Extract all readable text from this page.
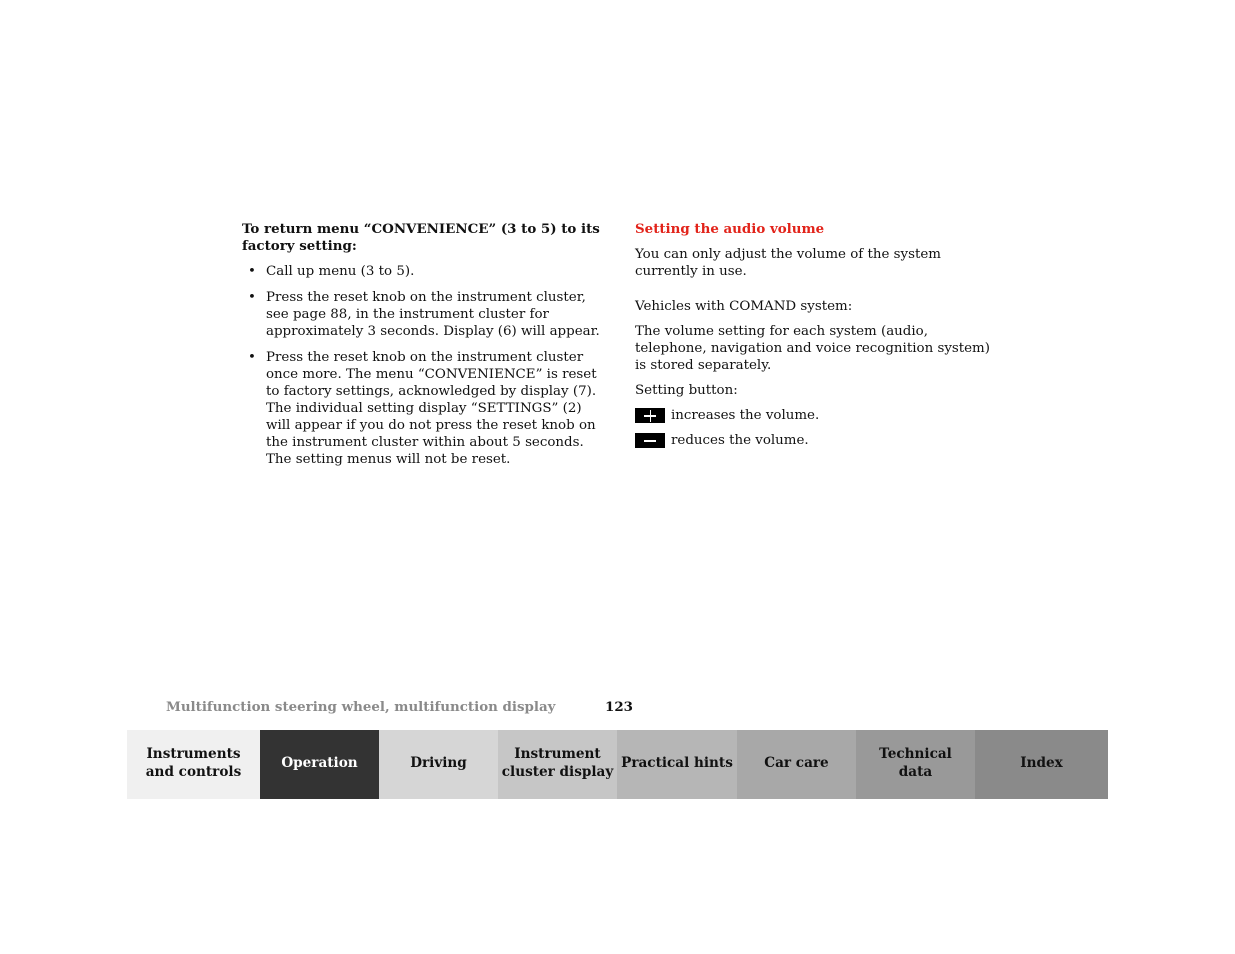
To return menu “CONVENIENCE” (3 to 5) to its factory setting:

• Call up menu (3 to 5).
• Press the reset knob on the instrument cluster, see page 88, in the instrument cluster for approximately 3 seconds. Display (6) will appear.
• Press the reset knob on the instrument cluster once more. The menu “CONVENIENCE” is reset to factory settings, acknowledged by display (7).
The individual setting display “SETTINGS” (2) will appear if you do not press the reset knob on the instrument cluster within about 5 seconds. The setting menus will not be reset.

Setting the audio volume

You can only adjust the volume of the system currently in use.

Vehicles with COMAND system:

The volume setting for each system (audio, telephone, navigation and voice recognition system) is stored separately.

Setting button:

increases the volume.
reduces the volume.
Multifunction steering wheel, multifunction display	123
Instruments
and controls
Operation	Driving
Instrument
cluster display
Practical hints	Car care
Technical
data
Index
